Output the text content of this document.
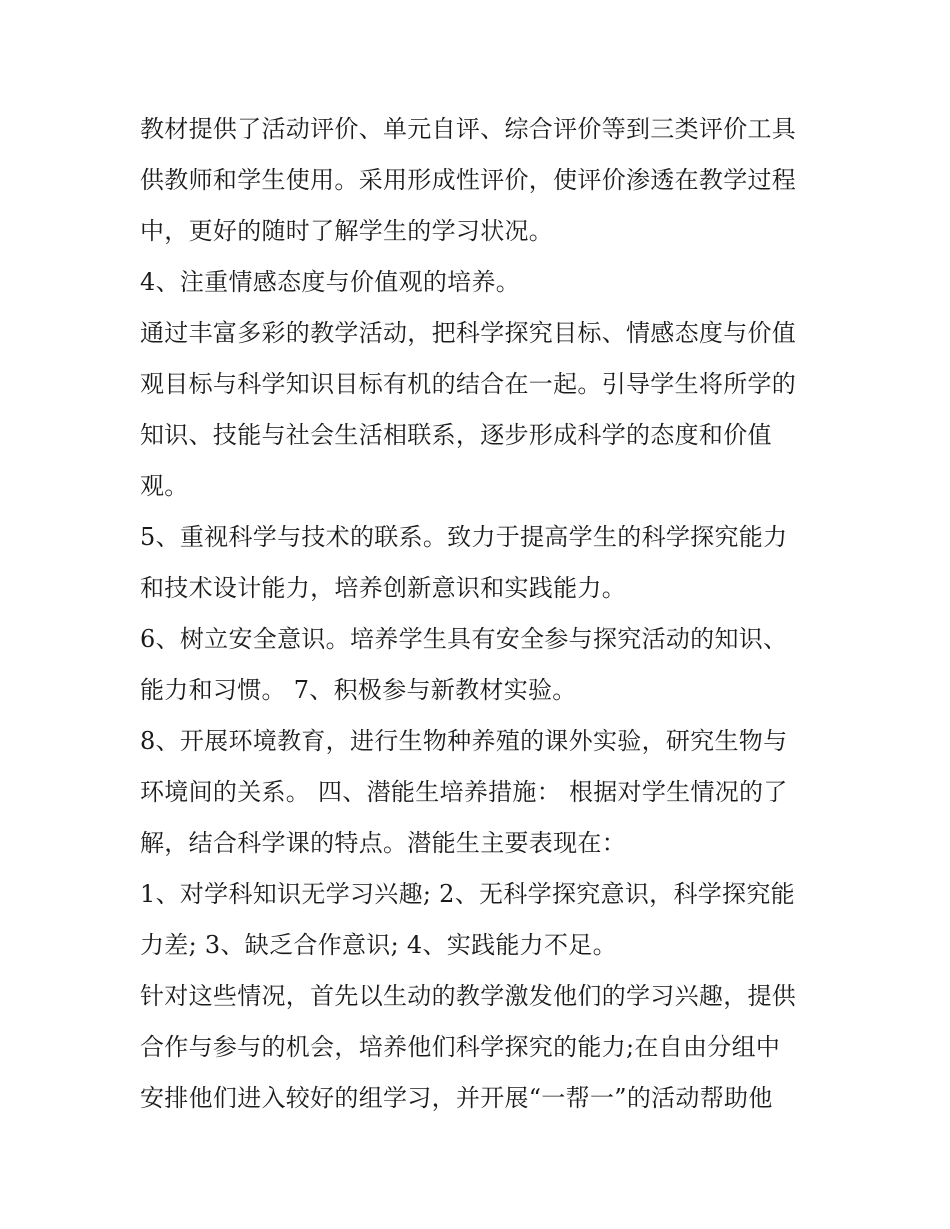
教材提供了活动评价、单元自评、综合评价等到三类评价工具
供教师和学生使用。采用形成性评价，使评价渗透在教学过程
中，更好的随时了解学生的学习状况。
4、注重情感态度与价值观的培养。
通过丰富多彩的教学活动，把科学探究目标、情感态度与价值
观目标与科学知识目标有机的结合在一起。引导学生将所学的
知识、技能与社会生活相联系，逐步形成科学的态度和价值
观。
5、重视科学与技术的联系。致力于提高学生的科学探究能力
和技术设计能力，培养创新意识和实践能力。
6、树立安全意识。培养学生具有安全参与探究活动的知识、
能力和习惯。 7、积极参与新教材实验。
8、开展环境教育，进行生物种养殖的课外实验，研究生物与
环境间的关系。 四、潜能生培养措施： 根据对学生情况的了
解，结合科学课的特点。潜能生主要表现在：
1、对学科知识无学习兴趣; 2、无科学探究意识，科学探究能
力差; 3、缺乏合作意识; 4、实践能力不足。
针对这些情况，首先以生动的教学激发他们的学习兴趣，提供
合作与参与的机会，培养他们科学探究的能力;在自由分组中
安排他们进入较好的组学习，并开展“一帮一”的活动帮助他
